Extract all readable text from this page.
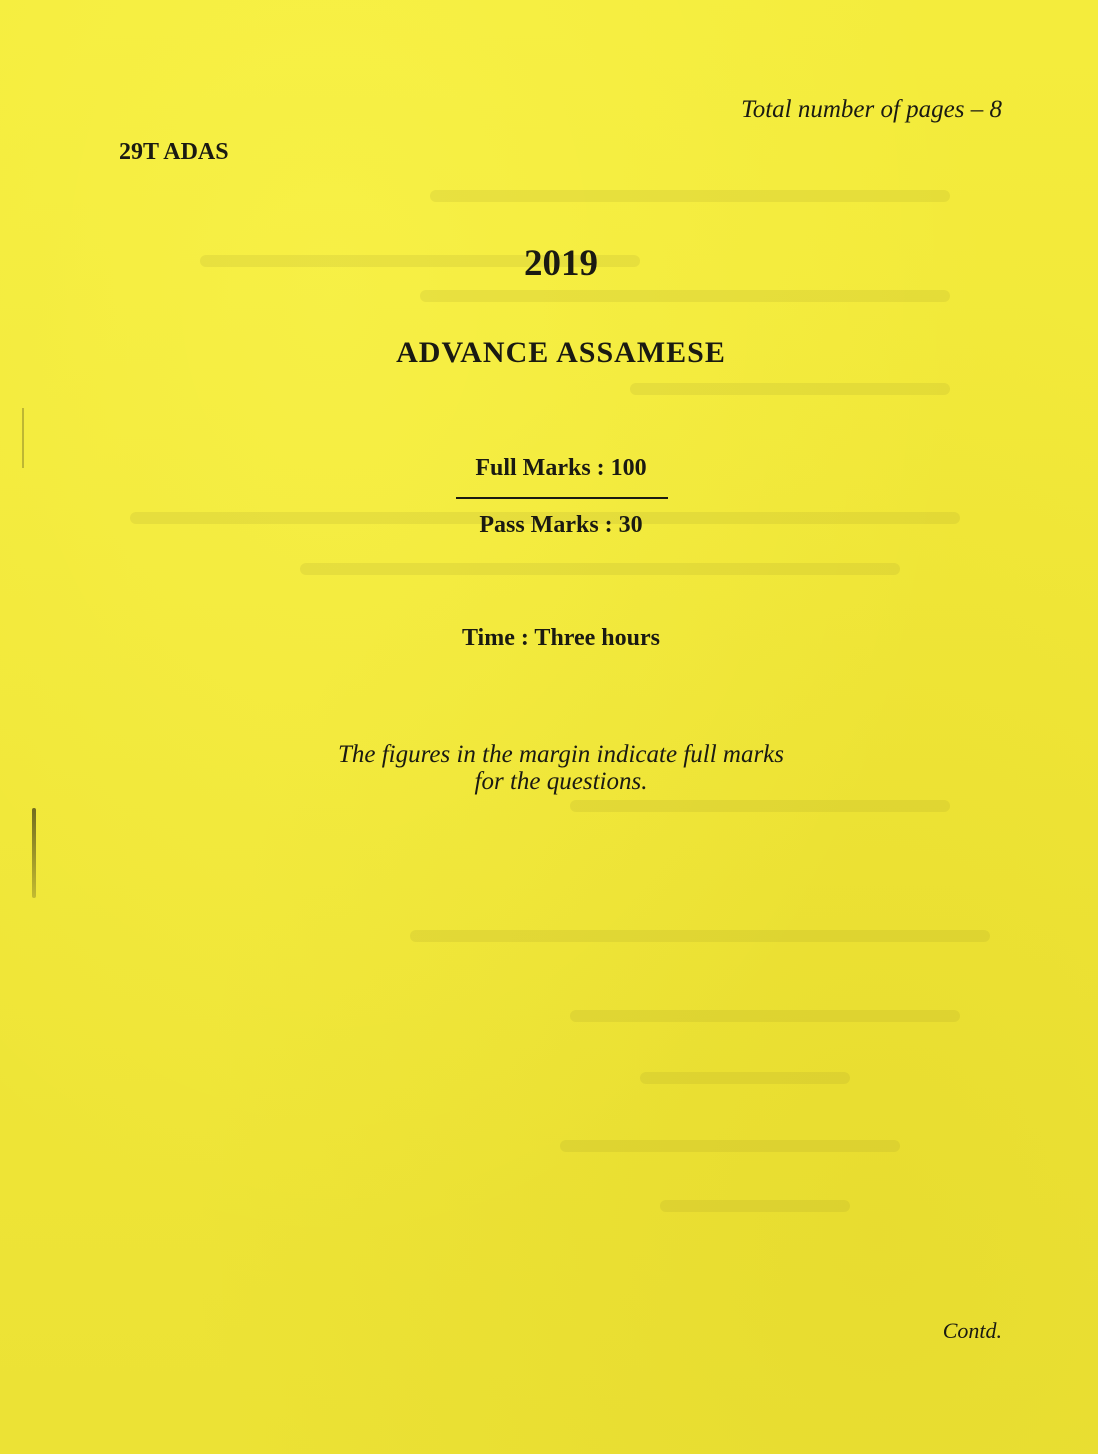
Total number of pages – 8
29T ADAS
2019
ADVANCE ASSAMESE
Full Marks : 100
Pass Marks : 30
Time : Three hours
The figures in the margin indicate full marks
for the questions.
Contd.
